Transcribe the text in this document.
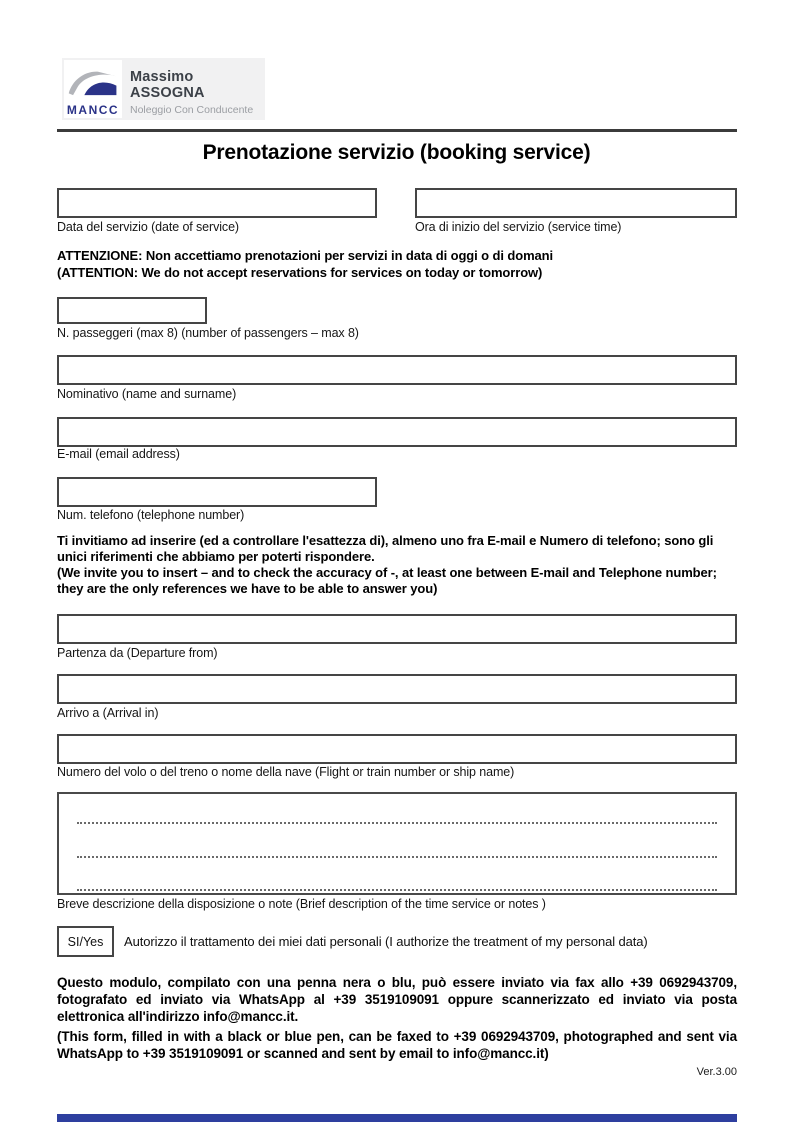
MANCC
Massimo ASSOGNA
Noleggio Con Conducente
Prenotazione servizio (booking service)
Data del servizio (date of service)	Ora di inizio del servizio (service time)
ATTENZIONE: Non accettiamo prenotazioni per servizi in data di oggi o di domani
(ATTENTION: We do not accept reservations for services on today or tomorrow)
N. passeggeri (max 8) (number of passengers – max 8)
Nominativo (name and surname)
E-mail (email address)
Num. telefono (telephone number)
Ti invitiamo ad inserire (ed a controllare l'esattezza di), almeno uno fra E-mail e Numero di telefono; sono gli unici riferimenti che abbiamo per poterti rispondere.
(We invite you to insert – and to check the accuracy of -, at least one between E-mail and Telephone number; they are the only references we have to be able to answer you)
Partenza da (Departure from)
Arrivo a (Arrival in)
Numero del volo o del treno o nome della nave (Flight or train number or ship name)
Breve descrizione della disposizione o note (Brief description of the time service or notes )
SI/Yes Autorizzo il trattamento dei miei dati personali (I authorize the treatment of my personal data)

Questo modulo, compilato con una penna nera o blu, può essere inviato via fax allo +39 0692943709, fotografato ed inviato via WhatsApp al +39 3519109091 oppure scannerizzato ed inviato via posta elettronica all'indirizzo info@mancc.it.

(This form, filled in with a black or blue pen, can be faxed to +39 0692943709, photographed and sent via WhatsApp to +39 3519109091 or scanned and sent by email to info@mancc.it)

Ver.3.00
